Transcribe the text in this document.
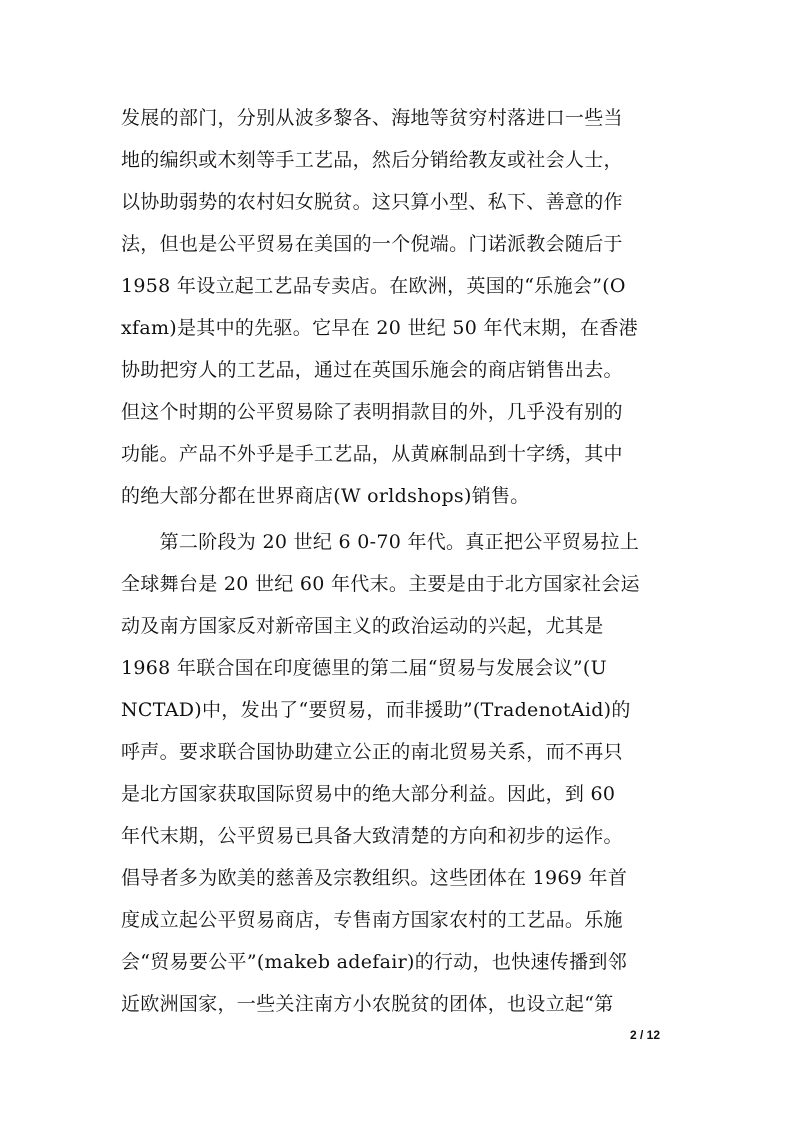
发展的部门，分别从波多黎各、海地等贫穷村落进口一些当
地的编织或木刻等手工艺品，然后分销给教友或社会人士，
以协助弱势的农村妇女脱贫。这只算小型、私下、善意的作
法，但也是公平贸易在美国的一个倪端。门诺派教会随后于
1958 年设立起工艺品专卖店。在欧洲，英国的“乐施会”(O
xfam)是其中的先驱。它早在 20 世纪 50 年代末期，在香港
协助把穷人的工艺品，通过在英国乐施会的商店销售出去。
但这个时期的公平贸易除了表明捐款目的外，几乎没有别的
功能。产品不外乎是手工艺品，从黄麻制品到十字绣，其中
的绝大部分都在世界商店(W orldshops)销售。
　　第二阶段为 20 世纪 6 0-70 年代。真正把公平贸易拉上
全球舞台是 20 世纪 60 年代末。主要是由于北方国家社会运
动及南方国家反对新帝国主义的政治运动的兴起，尤其是
1968 年联合国在印度德里的第二届“贸易与发展会议”(U
NCTAD)中，发出了“要贸易，而非援助”(TradenotAid)的
呼声。要求联合国协助建立公正的南北贸易关系，而不再只
是北方国家获取国际贸易中的绝大部分利益。因此，到 60
年代末期，公平贸易已具备大致清楚的方向和初步的运作。
倡导者多为欧美的慈善及宗教组织。这些团体在 1969 年首
度成立起公平贸易商店，专售南方国家农村的工艺品。乐施
会“贸易要公平”(makeb adefair)的行动，也快速传播到邻
近欧洲国家，一些关注南方小农脱贫的团体，也设立起“第
2 / 12
